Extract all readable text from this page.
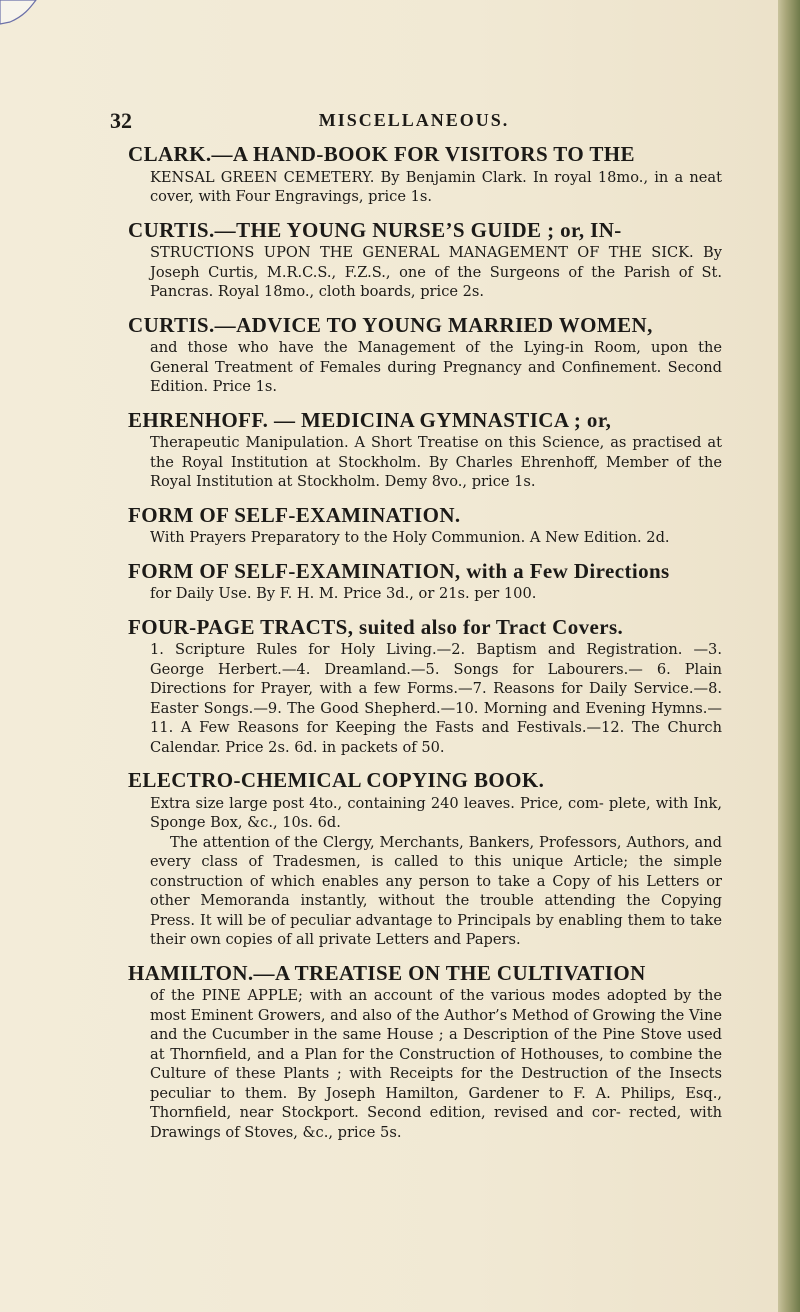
32	MISCELLANEOUS.
CLARK.—A HAND-BOOK FOR VISITORS TO THE
KENSAL GREEN CEMETERY. By Benjamin Clark. In royal 18mo., in a neat cover, with Four Engravings, price 1s.
CURTIS.—THE YOUNG NURSE’S GUIDE ; or, IN-
STRUCTIONS UPON THE GENERAL MANAGEMENT OF THE SICK. By Joseph Curtis, M.R.C.S., F.Z.S., one of the Surgeons of the Parish of St. Pancras. Royal 18mo., cloth boards, price 2s.
CURTIS.—ADVICE TO YOUNG MARRIED WOMEN,
and those who have the Management of the Lying-in Room, upon the General Treatment of Females during Pregnancy and Confinement. Second Edition. Price 1s.
EHRENHOFF. — MEDICINA GYMNASTICA ; or,
Therapeutic Manipulation. A Short Treatise on this Science, as practised at the Royal Institution at Stockholm. By Charles Ehrenhoff, Member of the Royal Institution at Stockholm. Demy 8vo., price 1s.
FORM OF SELF-EXAMINATION.
With Prayers Preparatory to the Holy Communion. A New Edition. 2d.
FORM OF SELF-EXAMINATION, with a Few Directions
for Daily Use. By F. H. M. Price 3d., or 21s. per 100.
FOUR-PAGE TRACTS, suited also for Tract Covers.
1. Scripture Rules for Holy Living.—2. Baptism and Registration. —3. George Herbert.—4. Dreamland.—5. Songs for Labourers.— 6. Plain Directions for Prayer, with a few Forms.—7. Reasons for Daily Service.—8. Easter Songs.—9. The Good Shepherd.—10. Morning and Evening Hymns.—11. A Few Reasons for Keeping the Fasts and Festivals.—12. The Church Calendar. Price 2s. 6d. in packets of 50.
ELECTRO-CHEMICAL COPYING BOOK.
Extra size large post 4to., containing 240 leaves. Price, com- plete, with Ink, Sponge Box, &c., 10s. 6d.
The attention of the Clergy, Merchants, Bankers, Professors, Authors, and every class of Tradesmen, is called to this unique Article; the simple construction of which enables any person to take a Copy of his Letters or other Memoranda instantly, without the trouble attending the Copying Press. It will be of peculiar advantage to Principals by enabling them to take their own copies of all private Letters and Papers.
HAMILTON.—A TREATISE ON THE CULTIVATION
of the PINE APPLE; with an account of the various modes adopted by the most Eminent Growers, and also of the Author’s Method of Growing the Vine and the Cucumber in the same House ; a Description of the Pine Stove used at Thornfield, and a Plan for the Construction of Hothouses, to combine the Culture of these Plants ; with Receipts for the Destruction of the Insects peculiar to them. By Joseph Hamilton, Gardener to F. A. Philips, Esq., Thornfield, near Stockport. Second edition, revised and cor- rected, with Drawings of Stoves, &c., price 5s.
